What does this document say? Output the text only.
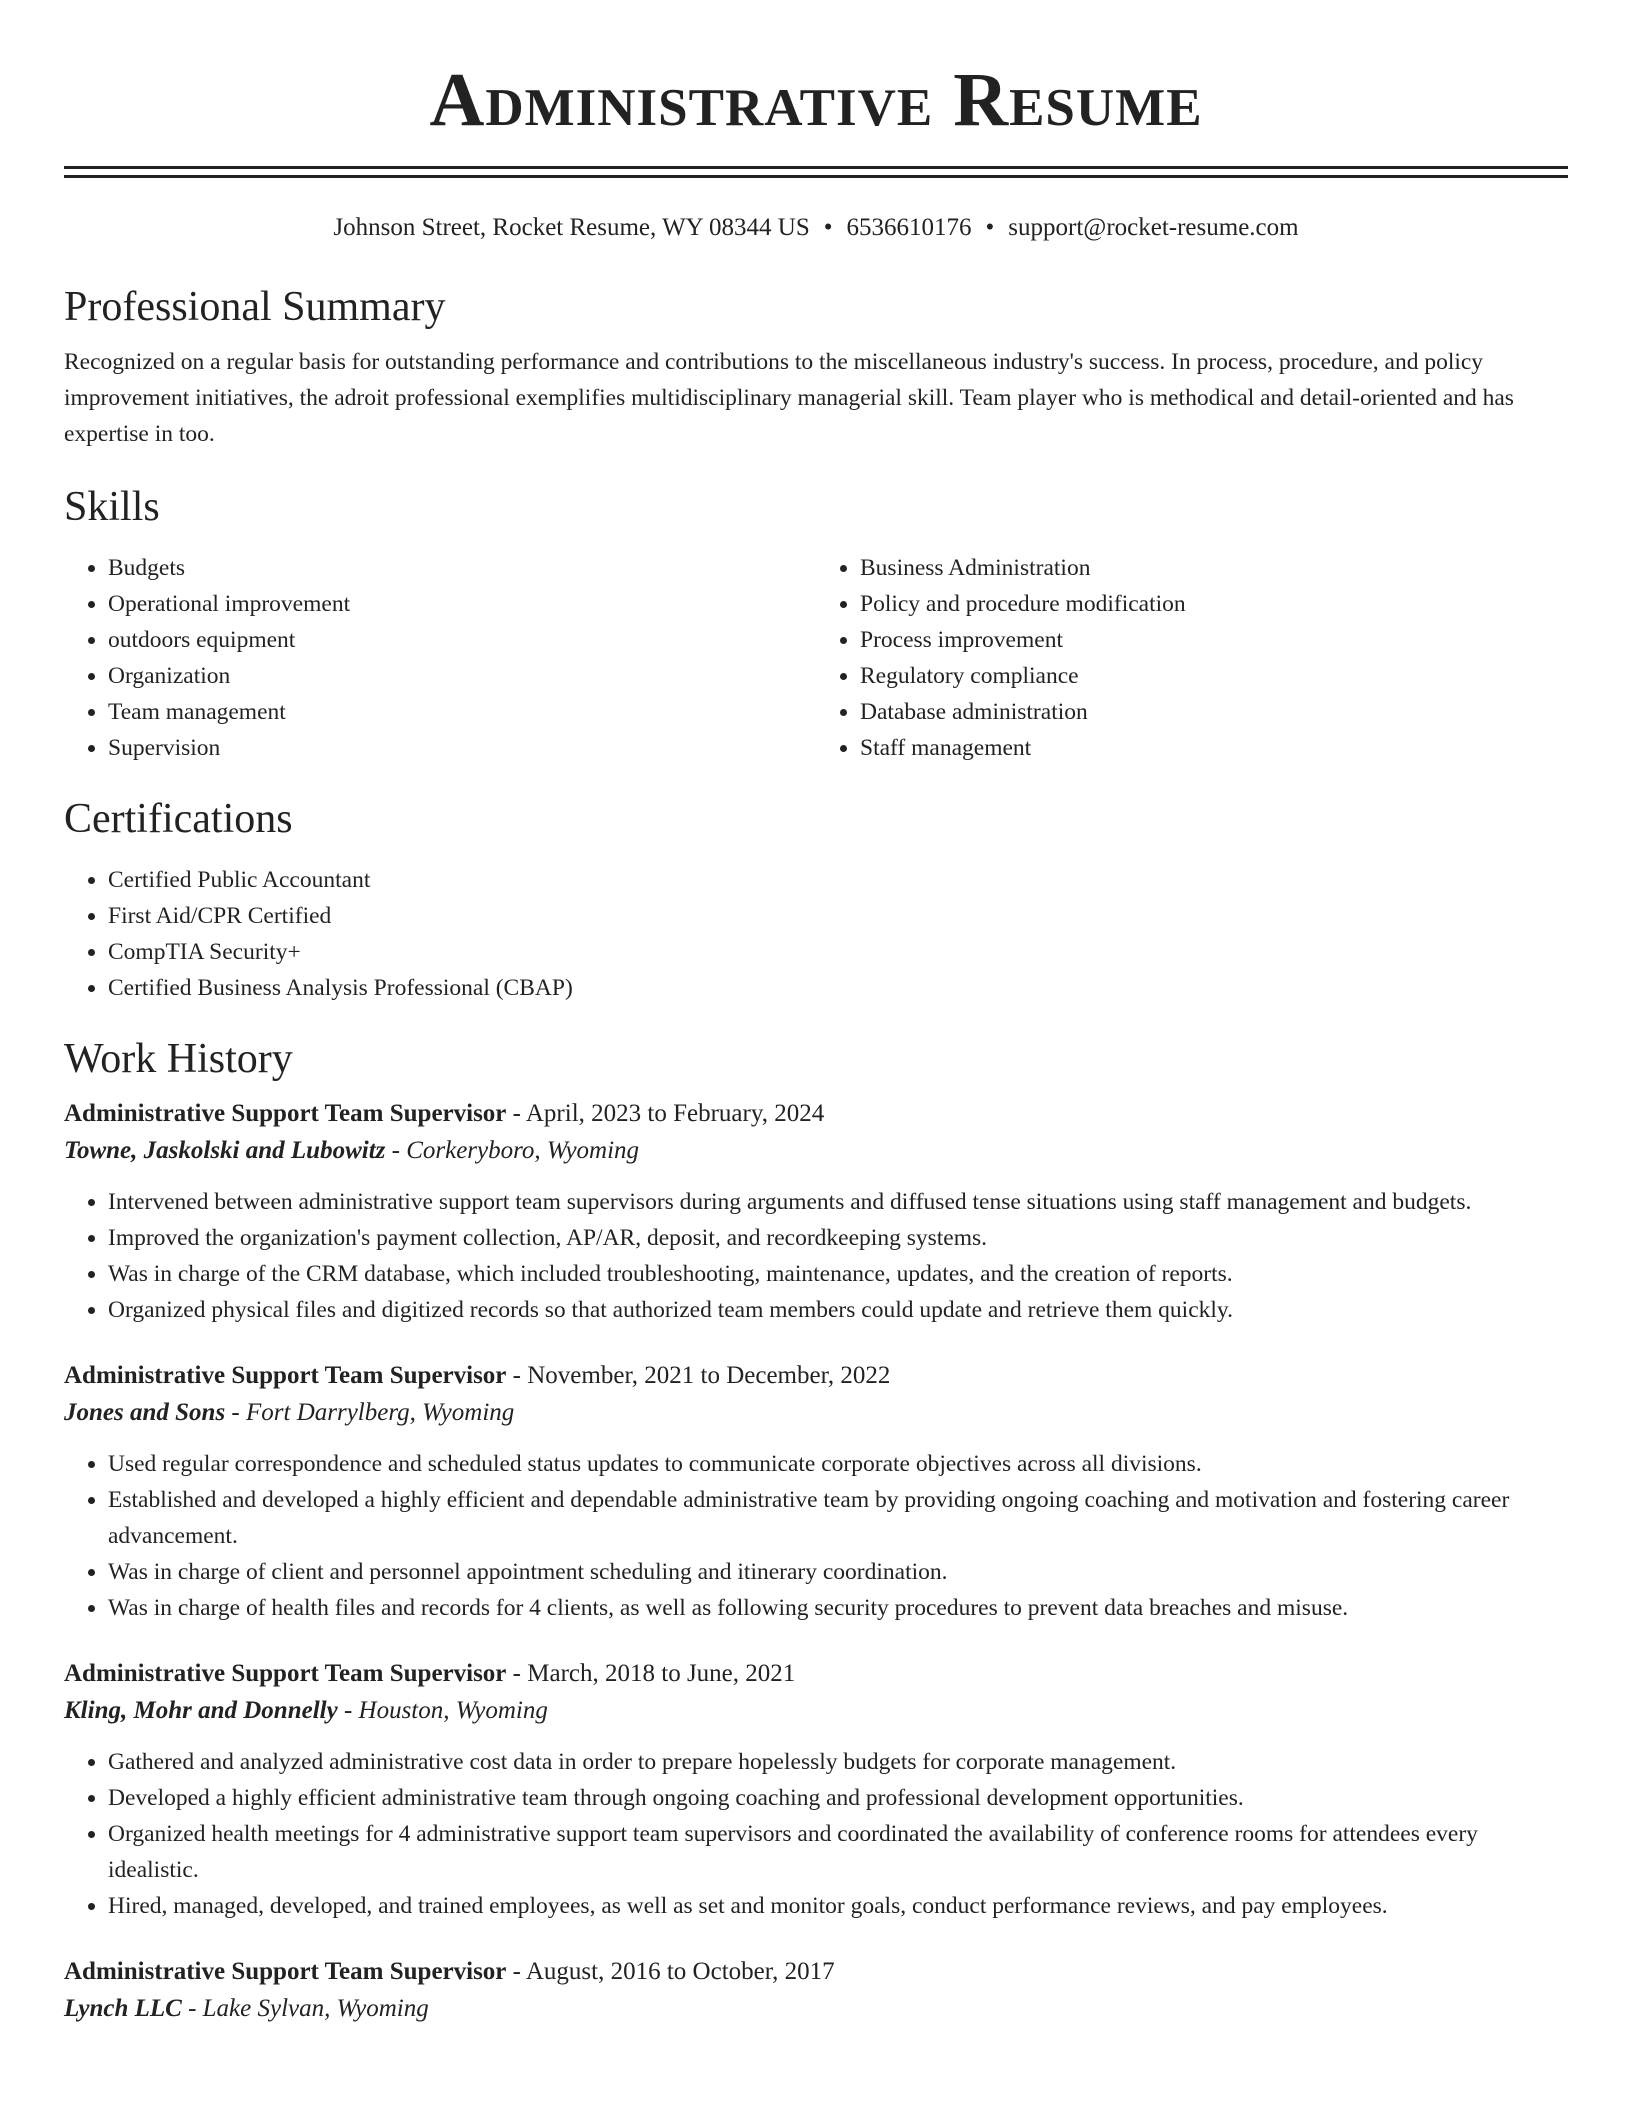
Administrative Resume
Johnson Street, Rocket Resume, WY 08344 US • 6536610176 • support@rocket-resume.com
Professional Summary

Recognized on a regular basis for outstanding performance and contributions to the miscellaneous industry's success. In process, procedure, and policy improvement initiatives, the adroit professional exemplifies multidisciplinary managerial skill. Team player who is methodical and detail-oriented and has expertise in too.

Skills
• Budgets
• Operational improvement
• outdoors equipment
• Organization
• Team management
• Supervision
• Business Administration
• Policy and procedure modification
• Process improvement
• Regulatory compliance
• Database administration
• Staff management
Certifications
• Certified Public Accountant
• First Aid/CPR Certified
• CompTIA Security+
• Certified Business Analysis Professional (CBAP)
Work History
Administrative Support Team Supervisor - April, 2023 to February, 2024
Towne, Jaskolski and Lubowitz - Corkeryboro, Wyoming
• Intervened between administrative support team supervisors during arguments and diffused tense situations using staff management and budgets.
• Improved the organization's payment collection, AP/AR, deposit, and recordkeeping systems.
• Was in charge of the CRM database, which included troubleshooting, maintenance, updates, and the creation of reports.
• Organized physical files and digitized records so that authorized team members could update and retrieve them quickly.
Administrative Support Team Supervisor - November, 2021 to December, 2022
Jones and Sons - Fort Darrylberg, Wyoming
• Used regular correspondence and scheduled status updates to communicate corporate objectives across all divisions.
• Established and developed a highly efficient and dependable administrative team by providing ongoing coaching and motivation and fostering career advancement.
• Was in charge of client and personnel appointment scheduling and itinerary coordination.
• Was in charge of health files and records for 4 clients, as well as following security procedures to prevent data breaches and misuse.
Administrative Support Team Supervisor - March, 2018 to June, 2021
Kling, Mohr and Donnelly - Houston, Wyoming
• Gathered and analyzed administrative cost data in order to prepare hopelessly budgets for corporate management.
• Developed a highly efficient administrative team through ongoing coaching and professional development opportunities.
• Organized health meetings for 4 administrative support team supervisors and coordinated the availability of conference rooms for attendees every idealistic.
• Hired, managed, developed, and trained employees, as well as set and monitor goals, conduct performance reviews, and pay employees.
Administrative Support Team Supervisor - August, 2016 to October, 2017
Lynch LLC - Lake Sylvan, Wyoming
